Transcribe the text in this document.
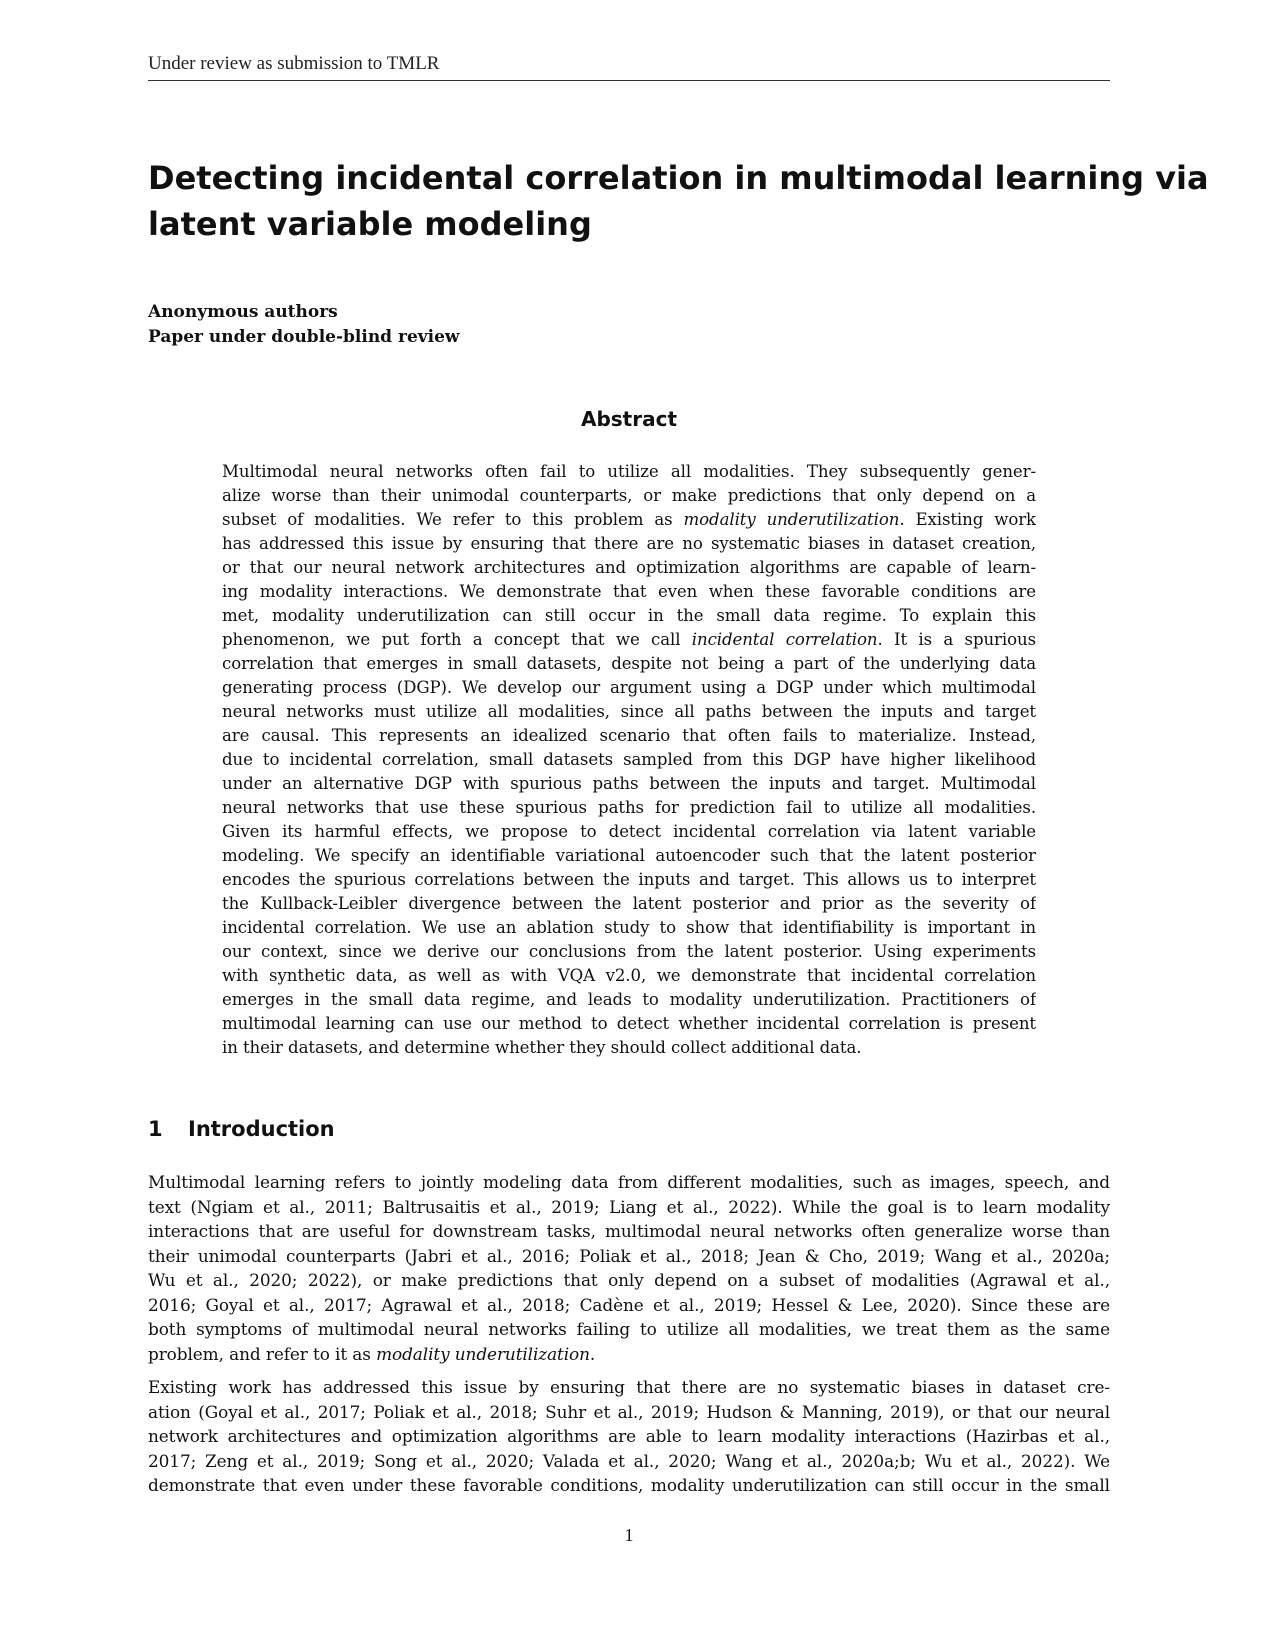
Under review as submission to TMLR
Detecting incidental correlation in multimodal learning via
latent variable modeling
Anonymous authors
Paper under double-blind review
Abstract
Multimodal neural networks often fail to utilize all modalities. They subsequently gener-
alize worse than their unimodal counterparts, or make predictions that only depend on a
subset of modalities. We refer to this problem as modality underutilization. Existing work
has addressed this issue by ensuring that there are no systematic biases in dataset creation,
or that our neural network architectures and optimization algorithms are capable of learn-
ing modality interactions. We demonstrate that even when these favorable conditions are
met, modality underutilization can still occur in the small data regime. To explain this
phenomenon, we put forth a concept that we call incidental correlation. It is a spurious
correlation that emerges in small datasets, despite not being a part of the underlying data
generating process (DGP). We develop our argument using a DGP under which multimodal
neural networks must utilize all modalities, since all paths between the inputs and target
are causal. This represents an idealized scenario that often fails to materialize. Instead,
due to incidental correlation, small datasets sampled from this DGP have higher likelihood
under an alternative DGP with spurious paths between the inputs and target. Multimodal
neural networks that use these spurious paths for prediction fail to utilize all modalities.
Given its harmful effects, we propose to detect incidental correlation via latent variable
modeling. We specify an identifiable variational autoencoder such that the latent posterior
encodes the spurious correlations between the inputs and target. This allows us to interpret
the Kullback-Leibler divergence between the latent posterior and prior as the severity of
incidental correlation. We use an ablation study to show that identifiability is important in
our context, since we derive our conclusions from the latent posterior. Using experiments
with synthetic data, as well as with VQA v2.0, we demonstrate that incidental correlation
emerges in the small data regime, and leads to modality underutilization. Practitioners of
multimodal learning can use our method to detect whether incidental correlation is present
in their datasets, and determine whether they should collect additional data.
1 Introduction
Multimodal learning refers to jointly modeling data from different modalities, such as images, speech, and
text (Ngiam et al., 2011; Baltrusaitis et al., 2019; Liang et al., 2022). While the goal is to learn modality
interactions that are useful for downstream tasks, multimodal neural networks often generalize worse than
their unimodal counterparts (Jabri et al., 2016; Poliak et al., 2018; Jean & Cho, 2019; Wang et al., 2020a;
Wu et al., 2020; 2022), or make predictions that only depend on a subset of modalities (Agrawal et al.,
2016; Goyal et al., 2017; Agrawal et al., 2018; Cadène et al., 2019; Hessel & Lee, 2020). Since these are
both symptoms of multimodal neural networks failing to utilize all modalities, we treat them as the same
problem, and refer to it as modality underutilization.
Existing work has addressed this issue by ensuring that there are no systematic biases in dataset cre-
ation (Goyal et al., 2017; Poliak et al., 2018; Suhr et al., 2019; Hudson & Manning, 2019), or that our neural
network architectures and optimization algorithms are able to learn modality interactions (Hazirbas et al.,
2017; Zeng et al., 2019; Song et al., 2020; Valada et al., 2020; Wang et al., 2020a;b; Wu et al., 2022). We
demonstrate that even under these favorable conditions, modality underutilization can still occur in the small
1
